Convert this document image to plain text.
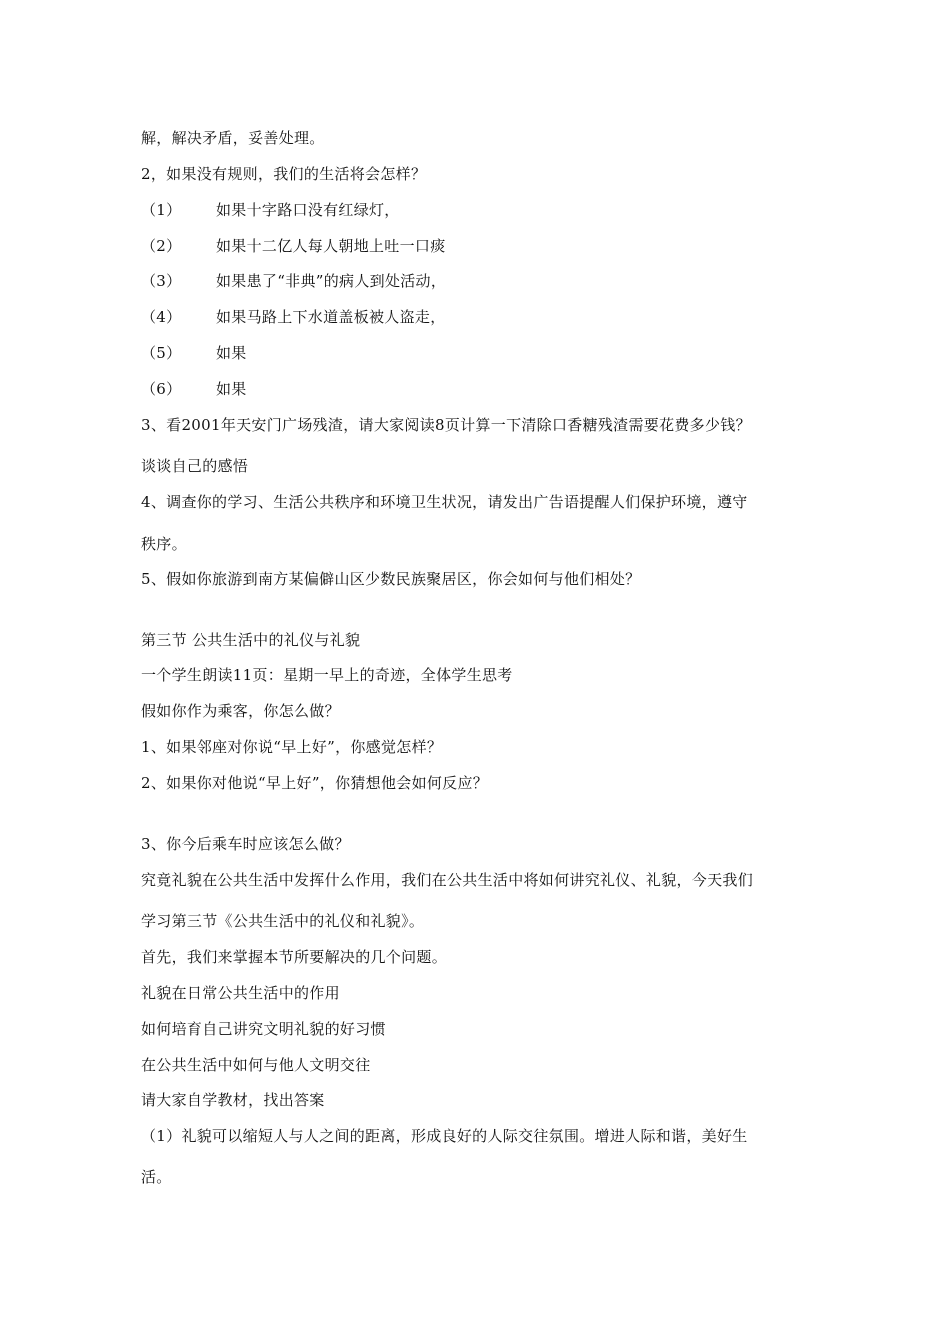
解，解决矛盾，妥善处理。
2，如果没有规则，我们的生活将会怎样？
（1） 如果十字路口没有红绿灯，
（2） 如果十二亿人每人朝地上吐一口痰
（3） 如果患了“非典”的病人到处活动，
（4） 如果马路上下水道盖板被人盗走，
（5） 如果
（6） 如果
3、看2001年天安门广场残渣，请大家阅读8页计算一下清除口香糖残渣需要花费多少钱？
谈谈自己的感悟
4、调查你的学习、生活公共秩序和环境卫生状况，请发出广告语提醒人们保护环境，遵守
秩序。
5、假如你旅游到南方某偏僻山区少数民族聚居区，你会如何与他们相处？
第三节 公共生活中的礼仪与礼貌
一个学生朗读11页：星期一早上的奇迹，全体学生思考
假如你作为乘客，你怎么做？
1、如果邻座对你说“早上好”，你感觉怎样？
2、如果你对他说“早上好”，你猜想他会如何反应？
3、你今后乘车时应该怎么做？
究竟礼貌在公共生活中发挥什么作用，我们在公共生活中将如何讲究礼仪、礼貌，今天我们
学习第三节《公共生活中的礼仪和礼貌》。
首先，我们来掌握本节所要解决的几个问题。
礼貌在日常公共生活中的作用
如何培育自己讲究文明礼貌的好习惯
在公共生活中如何与他人文明交往
请大家自学教材，找出答案
（1）礼貌可以缩短人与人之间的距离，形成良好的人际交往氛围。增进人际和谐，美好生
活。
